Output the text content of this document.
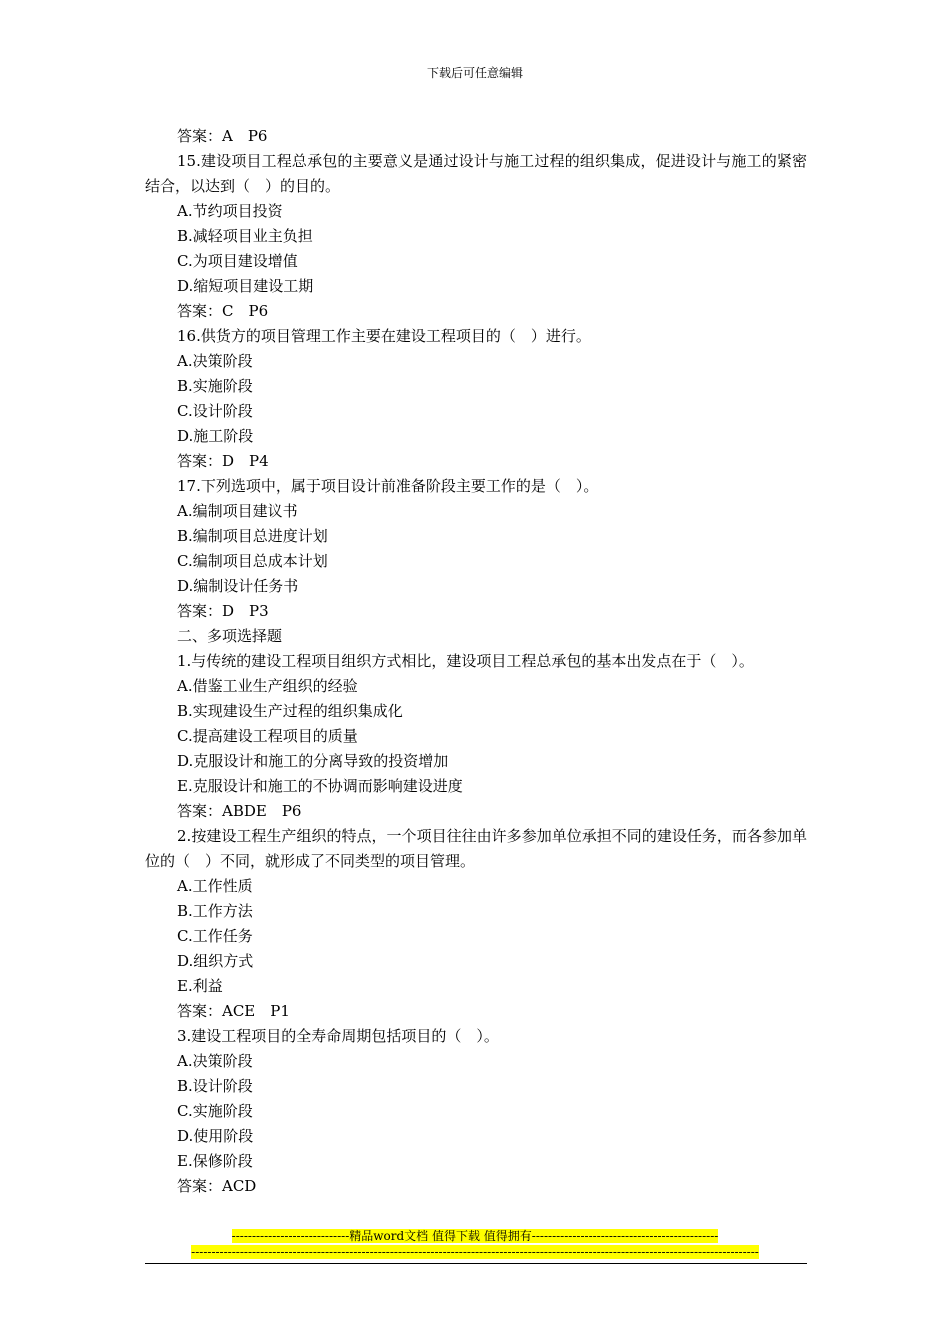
下载后可任意编辑
答案：A　P6
15.建设项目工程总承包的主要意义是通过设计与施工过程的组织集成，促进设计与施工的紧密结合，以达到（　）的目的。
A.节约项目投资
B.减轻项目业主负担
C.为项目建设增值
D.缩短项目建设工期
答案：C　P6
16.供货方的项目管理工作主要在建设工程项目的（　）进行。
A.决策阶段
B.实施阶段
C.设计阶段
D.施工阶段
答案：D　P4
17.下列选项中，属于项目设计前准备阶段主要工作的是（　）。
A.编制项目建议书
B.编制项目总进度计划
C.编制项目总成本计划
D.编制设计任务书
答案：D　P3
二、多项选择题
1.与传统的建设工程项目组织方式相比，建设项目工程总承包的基本出发点在于（　）。
A.借鉴工业生产组织的经验
B.实现建设生产过程的组织集成化
C.提高建设工程项目的质量
D.克服设计和施工的分离导致的投资增加
E.克服设计和施工的不协调而影响建设进度
答案：ABDE　P6
2.按建设工程生产组织的特点，一个项目往往由许多参加单位承担不同的建设任务，而各参加单位的（　）不同，就形成了不同类型的项目管理。
A.工作性质
B.工作方法
C.工作任务
D.组织方式
E.利益
答案：ACE　P1
3.建设工程项目的全寿命周期包括项目的（　）。
A.决策阶段
B.设计阶段
C.实施阶段
D.使用阶段
E.保修阶段
答案：ACD
-----------------------------精品word文档 值得下载 值得拥有----------------------------------------------
--------------------------------------------------------------------------------------------------------------------------------------------
